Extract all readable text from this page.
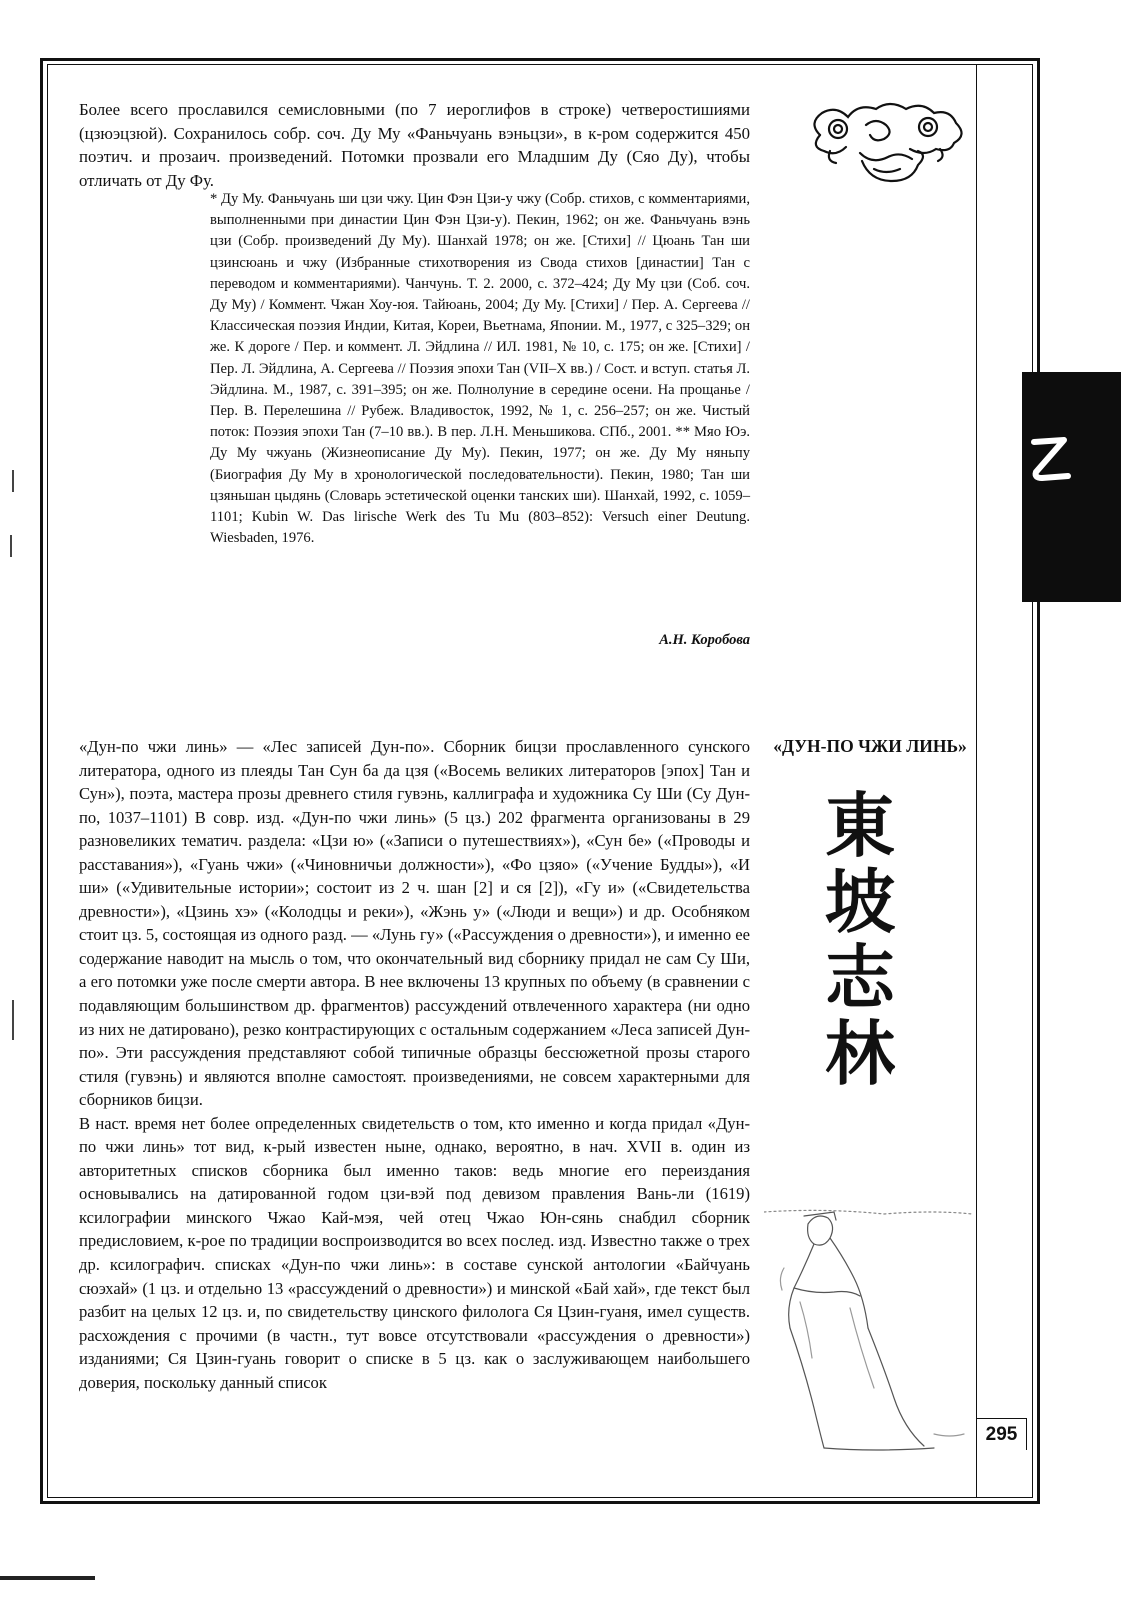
Более всего прославился семисловными (по 7 иероглифов в строке) четверостишиями (цзюэцзюй). Сохранилось собр. соч. Ду Му «Фаньчуань вэньцзи», в к-ром содержится 450 поэтич. и прозаич. произведений. Потомки прозвали его Младшим Ду (Сяо Ду), чтобы отличать от Ду Фу.

* Ду Му. Фаньчуань ши цзи чжу. Цин Фэн Цзи-у чжу (Собр. стихов, с комментариями, выполненными при династии Цин Фэн Цзи-у). Пекин, 1962; он же. Фаньчуань вэнь цзи (Собр. произведений Ду Му). Шанхай 1978; он же. [Стихи] // Цюань Тан ши цзинсюань и чжу (Избранные стихотворения из Свода стихов [династии] Тан с переводом и комментариями). Чанчунь. Т. 2. 2000, с. 372–424; Ду Му цзи (Соб. соч. Ду Му) / Коммент. Чжан Хоу-юя. Тайюань, 2004; Ду Му. [Стихи] / Пер. А. Сергеева // Классическая поэзия Индии, Китая, Кореи, Вьетнама, Японии. М., 1977, с 325–329; он же. К дороге / Пер. и коммент. Л. Эйдлина // ИЛ. 1981, № 10, с. 175; он же. [Стихи] / Пер. Л. Эйдлина, А. Сергеева // Поэзия эпохи Тан (VII–X вв.) / Сост. и вступ. статья Л. Эйдлина. М., 1987, с. 391–395; он же. Полнолуние в середине осени. На прощанье / Пер. В. Перелешина // Рубеж. Владивосток, 1992, № 1, с. 256–257; он же. Чистый поток: Поэзия эпохи Тан (7–10 вв.). В пер. Л.Н. Меньшикова. СПб., 2001. ** Мяо Юэ. Ду Му чжуань (Жизнеописание Ду Му). Пекин, 1977; он же. Ду Му няньпу (Биография Ду Му в хронологической последовательности). Пекин, 1980; Тан ши цзяньшан цыдянь (Словарь эстетической оценки танских ши). Шанхай, 1992, с. 1059–1101; Kubin W. Das lirische Werk des Tu Mu (803–852): Versuch einer Deutung. Wiesbaden, 1976.
А.Н. Коробова
«ДУН-ПО ЧЖИ ЛИНЬ»
東
坡
志
林

«Дун-по чжи линь» — «Лес записей Дун-по». Сборник бицзи прославленного сунского литератора, одного из плеяды Тан Сун ба да цзя («Восемь великих литераторов [эпох] Тан и Сун»), поэта, мастера прозы древнего стиля гувэнь, каллиграфа и художника Су Ши (Су Дун-по, 1037–1101) В совр. изд. «Дун-по чжи линь» (5 цз.) 202 фрагмента организованы в 29 разновеликих тематич. раздела: «Цзи ю» («Записи о путешествиях»), «Сун бе» («Проводы и расставания»), «Гуань чжи» («Чиновничьи должности»), «Фо цзяо» («Учение Будды»), «И ши» («Удивительные истории»; состоит из 2 ч. шан [2] и ся [2]), «Гу и» («Свидетельства древности»), «Цзинь хэ» («Колодцы и реки»), «Жэнь у» («Люди и вещи») и др. Особняком стоит цз. 5, состоящая из одного разд. — «Лунь гу» («Рассуждения о древности»), и именно ее содержание наводит на мысль о том, что окончательный вид сборнику придал не сам Су Ши, а его потомки уже после смерти автора. В нее включены 13 крупных по объему (в сравнении с подавляющим большинством др. фрагментов) рассуждений отвлеченного характера (ни одно из них не датировано), резко контрастирующих с остальным содержанием «Леса записей Дун-по». Эти рассуждения представляют собой типичные образцы бессюжетной прозы старого стиля (гувэнь) и являются вполне самостоят. произведениями, не совсем характерными для сборников бицзи.

В наст. время нет более определенных свидетельств о том, кто именно и когда придал «Дун-по чжи линь» тот вид, к-рый известен ныне, однако, вероятно, в нач. XVII в. один из авторитетных списков сборника был именно таков: ведь многие его переиздания основывались на датированной годом цзи-вэй под девизом правления Вань-ли (1619) ксилографии минского Чжао Кай-мэя, чей отец Чжао Юн-сянь снабдил сборник предисловием, к-рое по традиции воспроизводится во всех послед. изд. Известно также о трех др. ксилографич. списках «Дун-по чжи линь»: в составе сунской антологии «Байчуань сюэхай» (1 цз. и отдельно 13 «рассуждений о древности») и минской «Бай хай», где текст был разбит на целых 12 цз. и, по свидетельству цинского филолога Ся Цзин-гуаня, имел существ. расхождения с прочими (в частн., тут вовсе отсутствовали «рассуждения о древности») изданиями; Ся Цзин-гуань говорит о списке в 5 цз. как о заслуживающем наибольшего доверия, поскольку данный список

295
